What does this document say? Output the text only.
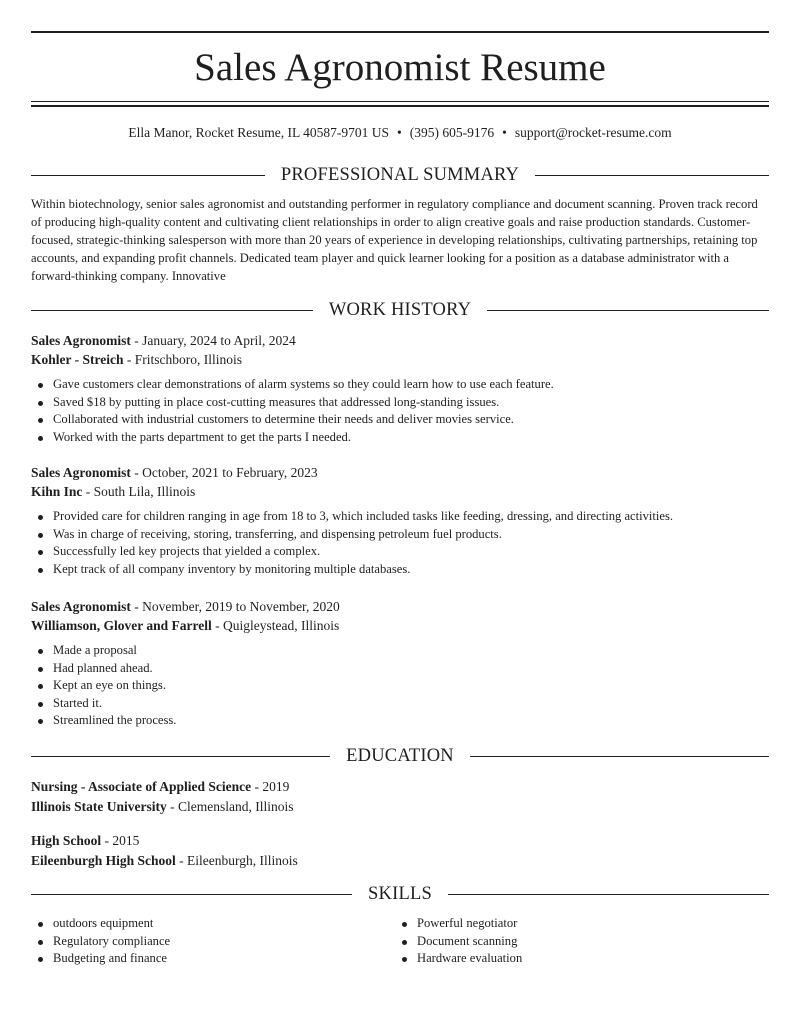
Sales Agronomist Resume
Ella Manor, Rocket Resume, IL 40587-9701 US • (395) 605-9176 • support@rocket-resume.com
PROFESSIONAL SUMMARY
Within biotechnology, senior sales agronomist and outstanding performer in regulatory compliance and document scanning. Proven track record of producing high-quality content and cultivating client relationships in order to align creative goals and raise production standards. Customer-focused, strategic-thinking salesperson with more than 20 years of experience in developing relationships, cultivating partnerships, retaining top accounts, and expanding profit channels. Dedicated team player and quick learner looking for a position as a database administrator with a forward-thinking company. Innovative
WORK HISTORY
Sales Agronomist - January, 2024 to April, 2024
Kohler - Streich - Fritschboro, Illinois
Gave customers clear demonstrations of alarm systems so they could learn how to use each feature.
Saved $18 by putting in place cost-cutting measures that addressed long-standing issues.
Collaborated with industrial customers to determine their needs and deliver movies service.
Worked with the parts department to get the parts I needed.
Sales Agronomist - October, 2021 to February, 2023
Kihn Inc - South Lila, Illinois
Provided care for children ranging in age from 18 to 3, which included tasks like feeding, dressing, and directing activities.
Was in charge of receiving, storing, transferring, and dispensing petroleum fuel products.
Successfully led key projects that yielded a complex.
Kept track of all company inventory by monitoring multiple databases.
Sales Agronomist - November, 2019 to November, 2020
Williamson, Glover and Farrell - Quigleystead, Illinois
Made a proposal
Had planned ahead.
Kept an eye on things.
Started it.
Streamlined the process.
EDUCATION
Nursing - Associate of Applied Science - 2019
Illinois State University - Clemensland, Illinois
High School - 2015
Eileenburgh High School - Eileenburgh, Illinois
SKILLS
outdoors equipment
Regulatory compliance
Budgeting and finance
Powerful negotiator
Document scanning
Hardware evaluation
